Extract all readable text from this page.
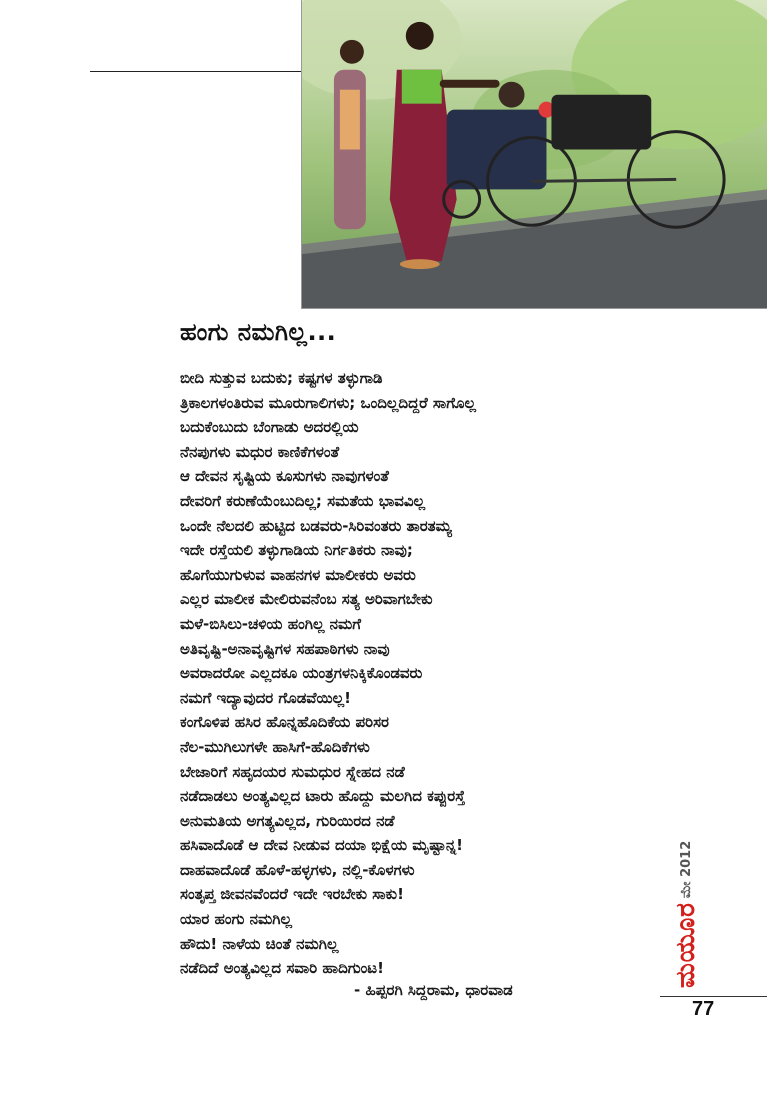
ಹಂಗು ನಮಗಿಲ್ಲ...
ಬೀದಿ ಸುತ್ತುವ ಬದುಕು; ಕಷ್ಟಗಳ ತಳ್ಳುಗಾಡಿ
ತ್ರಿಕಾಲಗಳಂತಿರುವ ಮೂರುಗಾಲಿಗಳು; ಒಂದಿಲ್ಲದಿದ್ದರೆ ಸಾಗೊಲ್ಲ
ಬದುಕೆಂಬುದು ಬೆಂಗಾಡು ಅದರಲ್ಲಿಯ
ನೆನಪುಗಳು ಮಧುರ ಕಾಣಿಕೆಗಳಂತೆ
ಆ ದೇವನ ಸೃಷ್ಟಿಯ ಕೂಸುಗಳು ನಾವುಗಳಂತೆ
ದೇವರಿಗೆ ಕರುಣೆಯೆಂಬುದಿಲ್ಲ; ಸಮತೆಯ ಭಾವವಿಲ್ಲ
ಒಂದೇ ನೆಲದಲಿ ಹುಟ್ಟಿದ ಬಡವರು-ಸಿರಿವಂತರು ತಾರತಮ್ಯ
ಇದೇ ರಸ್ತೆಯಲಿ ತಳ್ಳುಗಾಡಿಯ ನಿರ್ಗತಿಕರು ನಾವು;
ಹೊಗೆಯುಗುಳುವ ವಾಹನಗಳ ಮಾಲೀಕರು ಅವರು
ಎಲ್ಲರ ಮಾಲೀಕ ಮೇಲಿರುವನೆಂಬ ಸತ್ಯ ಅರಿವಾಗಬೇಕು
ಮಳೆ-ಬಿಸಿಲು-ಚಳಿಯ ಹಂಗಿಲ್ಲ ನಮಗೆ
ಅತಿವೃಷ್ಟಿ-ಅನಾವೃಷ್ಟಿಗಳ ಸಹಪಾಠಿಗಳು ನಾವು
ಅವರಾದರೋ ಎಲ್ಲದಕೂ ಯಂತ್ರಗಳನಿಕ್ಕಿಕೊಂಡವರು
ನಮಗೆ ಇದ್ಯಾವುದರ ಗೊಡವೆಯಿಲ್ಲ!
ಕಂಗೊಳಿಪ ಹಸಿರ ಹೊನ್ನಹೊದಿಕೆಯ ಪರಿಸರ
ನೆಲ-ಮುಗಿಲುಗಳೇ ಹಾಸಿಗೆ-ಹೊದಿಕೆಗಳು
ಬೇಜಾರಿಗೆ ಸಹೃದಯರ ಸುಮಧುರ ಸ್ನೇಹದ ನಡೆ
ನಡೆದಾಡಲು ಅಂತ್ಯವಿಲ್ಲದ ಟಾರು ಹೊದ್ದು ಮಲಗಿದ ಕಪ್ಪುರಸ್ತೆ
ಅನುಮತಿಯ ಅಗತ್ಯವಿಲ್ಲದ, ಗುರಿಯಿರದ ನಡೆ
ಹಸಿವಾದೊಡೆ ಆ ದೇವ ನೀಡುವ ದಯಾ ಭಿಕ್ಷೆಯ ಮೃಷ್ಟಾನ್ನ!
ದಾಹವಾದೊಡೆ ಹೊಳೆ-ಹಳ್ಳಗಳು, ನಲ್ಲಿ-ಕೊಳಗಳು
ಸಂತೃಪ್ತ ಜೀವನವೆಂದರೆ ಇದೇ ಇರಬೇಕು ಸಾಕು!
ಯಾರ ಹಂಗು ನಮಗಿಲ್ಲ
ಹೌದು! ನಾಳೆಯ ಚಿಂತೆ ನಮಗಿಲ್ಲ
ನಡೆದಿದೆ ಅಂತ್ಯವಿಲ್ಲದ ಸವಾರಿ ಹಾದಿಗುಂಟ!
- ಹಿಪ್ಪರಗಿ ಸಿದ್ದರಾಮ, ಧಾರವಾಡ
ಮಯೂರ
ಮೇ 2012
77
